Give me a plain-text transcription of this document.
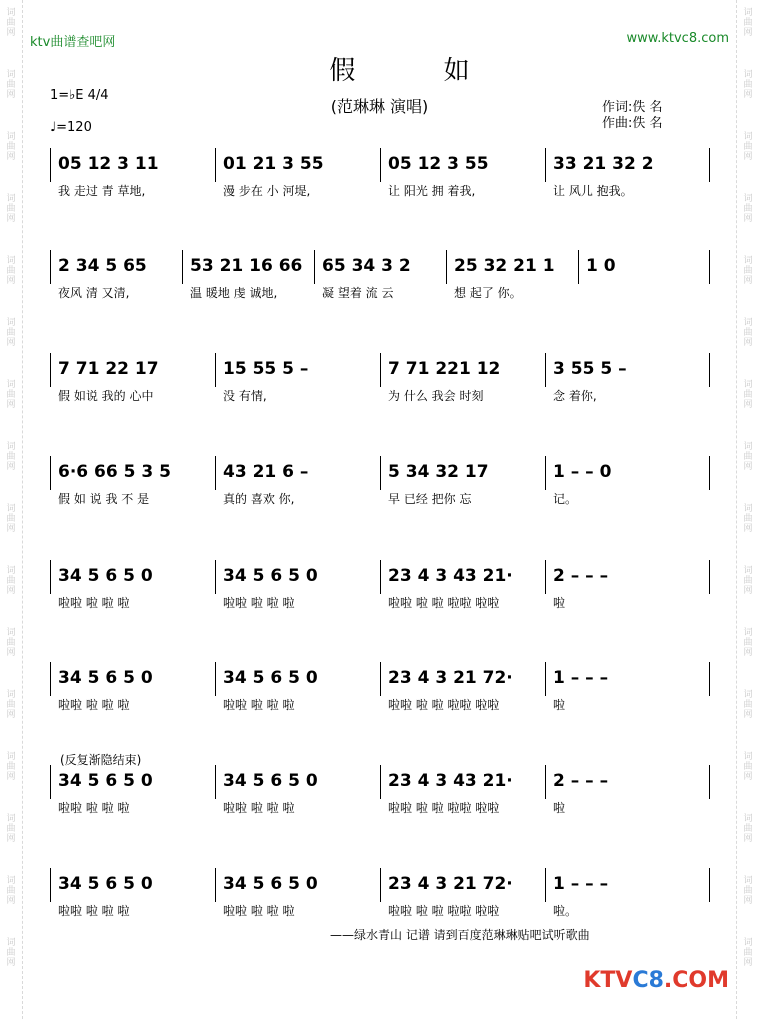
ktv曲谱查吧网	www.ktvc8.com
假 如
(范琳琳 演唱)	作词:佚 名
作曲:佚 名
1=♭E 4/4
♩=120
05 12 3 11
我 走过 青 草地,
01 21 3 55
漫 步在 小 河堤,
05 12 3 55
让 阳光 拥 着我,
33 21 32 2
让 风儿 抱我。
2 34 5 65
夜风 清 又清,
53 21 16 66
温 暖地 虔 诚地,
65 34 3 2
凝 望着 流 云
25 32 21 1
想 起了 你。
1 0
7 71 22 17
假 如说 我的 心中
15 55 5 –
没 有情,
7 71 221 12
为 什么 我会 时刻
3 55 5 –
念 着你,
6·6 66 5 3 5
假 如 说 我 不 是
43 21 6 –
真的 喜欢 你,
5 34 32 17
早 已经 把你 忘
1 – – 0
记。
34 5 6 5 0
啦啦 啦 啦 啦
34 5 6 5 0
啦啦 啦 啦 啦
23 4 3 43 21·
啦啦 啦 啦 啦啦 啦啦
2 – – –
啦
34 5 6 5 0
啦啦 啦 啦 啦
34 5 6 5 0
啦啦 啦 啦 啦
23 4 3 21 72·
啦啦 啦 啦 啦啦 啦啦
1 – – –
啦
34 5 6 5 0
啦啦 啦 啦 啦
34 5 6 5 0
啦啦 啦 啦 啦
23 4 3 43 21·
啦啦 啦 啦 啦啦 啦啦
2 – – –
啦
34 5 6 5 0
啦啦 啦 啦 啦
34 5 6 5 0
啦啦 啦 啦 啦
23 4 3 21 72·
啦啦 啦 啦 啦啦 啦啦
1 – – –
啦。
(反复渐隐结束)
——绿水青山 记谱 请到百度范琳琳贴吧试听歌曲
KTVC8.COM
词
曲
网
词
曲
网
词
曲
网
词
曲
网
词
曲
网
词
曲
网
词
曲
网
词
曲
网
词
曲
网
词
曲
网
词
曲
网
词
曲
网
词
曲
网
词
曲
网
词
曲
网
词
曲
网
词
曲
网
词
曲
网
词
曲
网
词
曲
网
词
曲
网
词
曲
网
词
曲
网
词
曲
网
词
曲
网
词
曲
网
词
曲
网
词
曲
网
词
曲
网
词
曲
网
词
曲
网
词
曲
网
